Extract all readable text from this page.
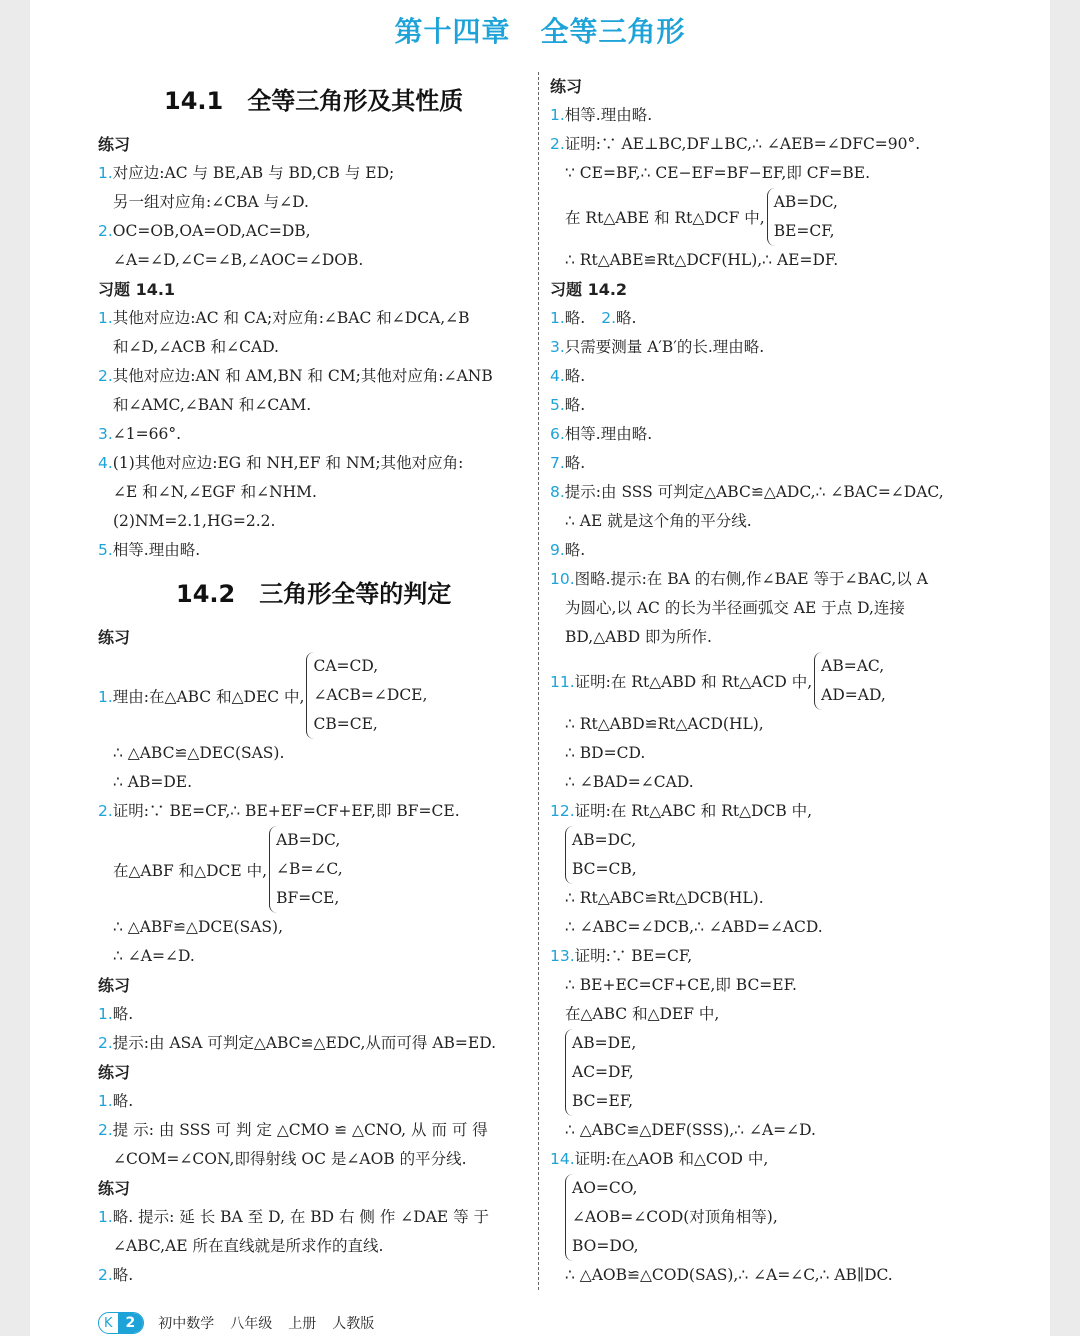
第十四章 全等三角形
14.1 全等三角形及其性质
练习
1.对应边:AC 与 BE,AB 与 BD,CB 与 ED;
另一组对应角:∠CBA 与∠D.
2.OC=OB,OA=OD,AC=DB,
∠A=∠D,∠C=∠B,∠AOC=∠DOB.
习题 14.1
1.其他对应边:AC 和 CA;对应角:∠BAC 和∠DCA,∠B
和∠D,∠ACB 和∠CAD.
2.其他对应边:AN 和 AM,BN 和 CM;其他对应角:∠ANB
和∠AMC,∠BAN 和∠CAM.
3.∠1=66°.
4.(1)其他对应边:EG 和 NH,EF 和 NM;其他对应角:
∠E 和∠N,∠EGF 和∠NHM.
(2)NM=2.1,HG=2.2.
5.相等.理由略.
14.2 三角形全等的判定
练习
1.理由:在△ABC 和△DEC 中,
CA=CD,
∠ACB=∠DCE,
CB=CE,
∴ △ABC≌△DEC(SAS).
∴ AB=DE.
2.证明:∵ BE=CF,∴ BE+EF=CF+EF,即 BF=CE.
在△ABF 和△DCE 中,
AB=DC,
∠B=∠C,
BF=CE,
∴ △ABF≌△DCE(SAS),
∴ ∠A=∠D.
练习
1.略.
2.提示:由 ASA 可判定△ABC≌△EDC,从而可得 AB=ED.
练习
1.略.
2.提 示: 由 SSS 可 判 定 △CMO ≌ △CNO, 从 而 可 得
∠COM=∠CON,即得射线 OC 是∠AOB 的平分线.
练习
1.略. 提示: 延 长 BA 至 D, 在 BD 右 侧 作 ∠DAE 等 于
∠ABC,AE 所在直线就是所求作的直线.
2.略.
练习
1.相等.理由略.
2.证明:∵ AE⊥BC,DF⊥BC,∴ ∠AEB=∠DFC=90°.
∵ CE=BF,∴ CE−EF=BF−EF,即 CF=BE.
在 Rt△ABE 和 Rt△DCF 中,
AB=DC,
BE=CF,
∴ Rt△ABE≌Rt△DCF(HL),∴ AE=DF.
习题 14.2
1.略. 2.略.
3.只需要测量 A′B′的长.理由略.
4.略.
5.略.
6.相等.理由略.
7.略.
8.提示:由 SSS 可判定△ABC≌△ADC,∴ ∠BAC=∠DAC,
∴ AE 就是这个角的平分线.
9.略.
10.图略.提示:在 BA 的右侧,作∠BAE 等于∠BAC,以 A
为圆心,以 AC 的长为半径画弧交 AE 于点 D,连接
BD,△ABD 即为所作.
11.证明:在 Rt△ABD 和 Rt△ACD 中,
AB=AC,
AD=AD,
∴ Rt△ABD≌Rt△ACD(HL),
∴ BD=CD.
∴ ∠BAD=∠CAD.
12.证明:在 Rt△ABC 和 Rt△DCB 中,
AB=DC,
BC=CB,
∴ Rt△ABC≌Rt△DCB(HL).
∴ ∠ABC=∠DCB,∴ ∠ABD=∠ACD.
13.证明:∵ BE=CF,
∴ BE+EC=CF+CE,即 BC=EF.
在△ABC 和△DEF 中,
AB=DE,
AC=DF,
BC=EF,
∴ △ABC≌△DEF(SSS),∴ ∠A=∠D.
14.证明:在△AOB 和△COD 中,
AO=CO,
∠AOB=∠COD(对顶角相等),
BO=DO,
∴ △AOB≌△COD(SAS),∴ ∠A=∠C,∴ AB∥DC.
K 2	初中数学 八年级 上册 人教版
